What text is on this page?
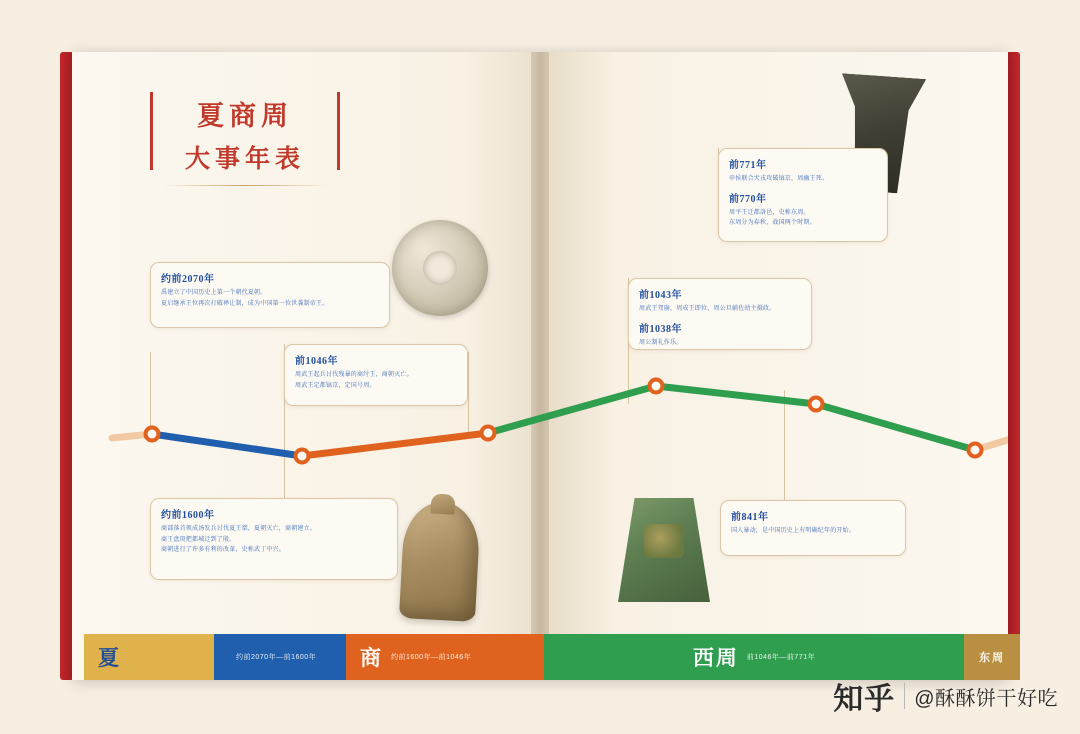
夏商周
大事年表
约前2070年
禹建立了中国历史上第一个朝代夏朝。
夏启继承王位再次打破禅让制，成为中国第一位世袭制帝王。
前1046年
周武王起兵讨伐残暴的商纣王，商朝灭亡。
周武王定都镐京，定国号周。
约前1600年
商部落首领成汤发兵讨伐夏王桀，夏朝灭亡，商朝建立。
商王盘庚把都城迁到了殷。
商朝进行了许多有利的改革，史称武丁中兴。
前1043年
周武王驾崩，周成王即位，周公旦辅佐幼主摄政。
前1038年
周公制礼作乐。
前771年
申侯联合犬戎攻破镐京，周幽王死。
前770年
周平王迁都洛邑，史称东周。
东周分为春秋、战国两个时期。
前841年
国人暴动，是中国历史上有明确纪年的开始。
夏	约前2070年—前1600年 商 约前1600年—前1046年	西周 前1046年—前771年	东周
知乎 @酥酥饼干好吃
